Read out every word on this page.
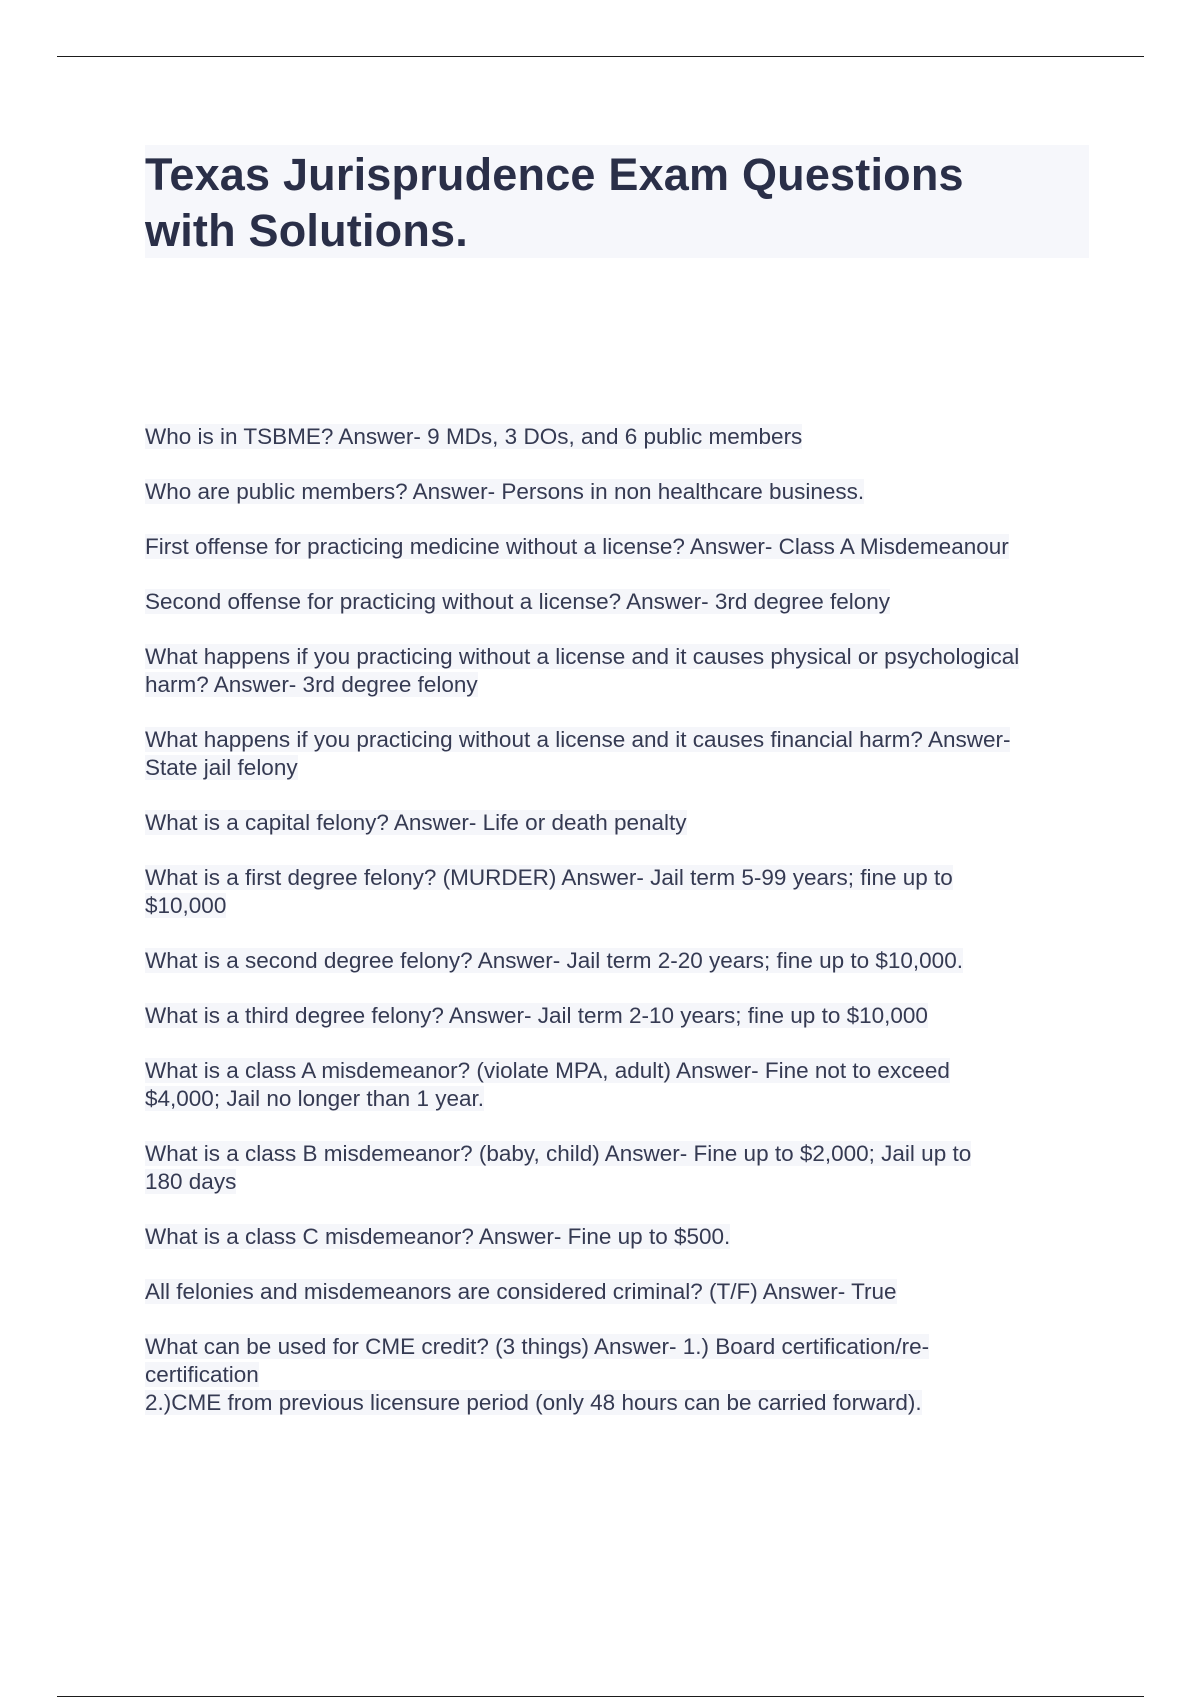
Texas Jurisprudence Exam Questions
with Solutions.
Who is in TSBME? Answer- 9 MDs, 3 DOs, and 6 public members
Who are public members? Answer- Persons in non healthcare business.
First offense for practicing medicine without a license? Answer- Class A Misdemeanour
Second offense for practicing without a license? Answer- 3rd degree felony
What happens if you practicing without a license and it causes physical or psychological
harm? Answer- 3rd degree felony
What happens if you practicing without a license and it causes financial harm? Answer-
State jail felony
What is a capital felony? Answer- Life or death penalty
What is a first degree felony? (MURDER) Answer- Jail term 5-99 years; fine up to
$10,000
What is a second degree felony? Answer- Jail term 2-20 years; fine up to $10,000.
What is a third degree felony? Answer- Jail term 2-10 years; fine up to $10,000
What is a class A misdemeanor? (violate MPA, adult) Answer- Fine not to exceed
$4,000; Jail no longer than 1 year.
What is a class B misdemeanor? (baby, child) Answer- Fine up to $2,000; Jail up to
180 days
What is a class C misdemeanor? Answer- Fine up to $500.
All felonies and misdemeanors are considered criminal? (T/F) Answer- True
What can be used for CME credit? (3 things) Answer- 1.) Board certification/re-
certification
2.)CME from previous licensure period (only 48 hours can be carried forward).
